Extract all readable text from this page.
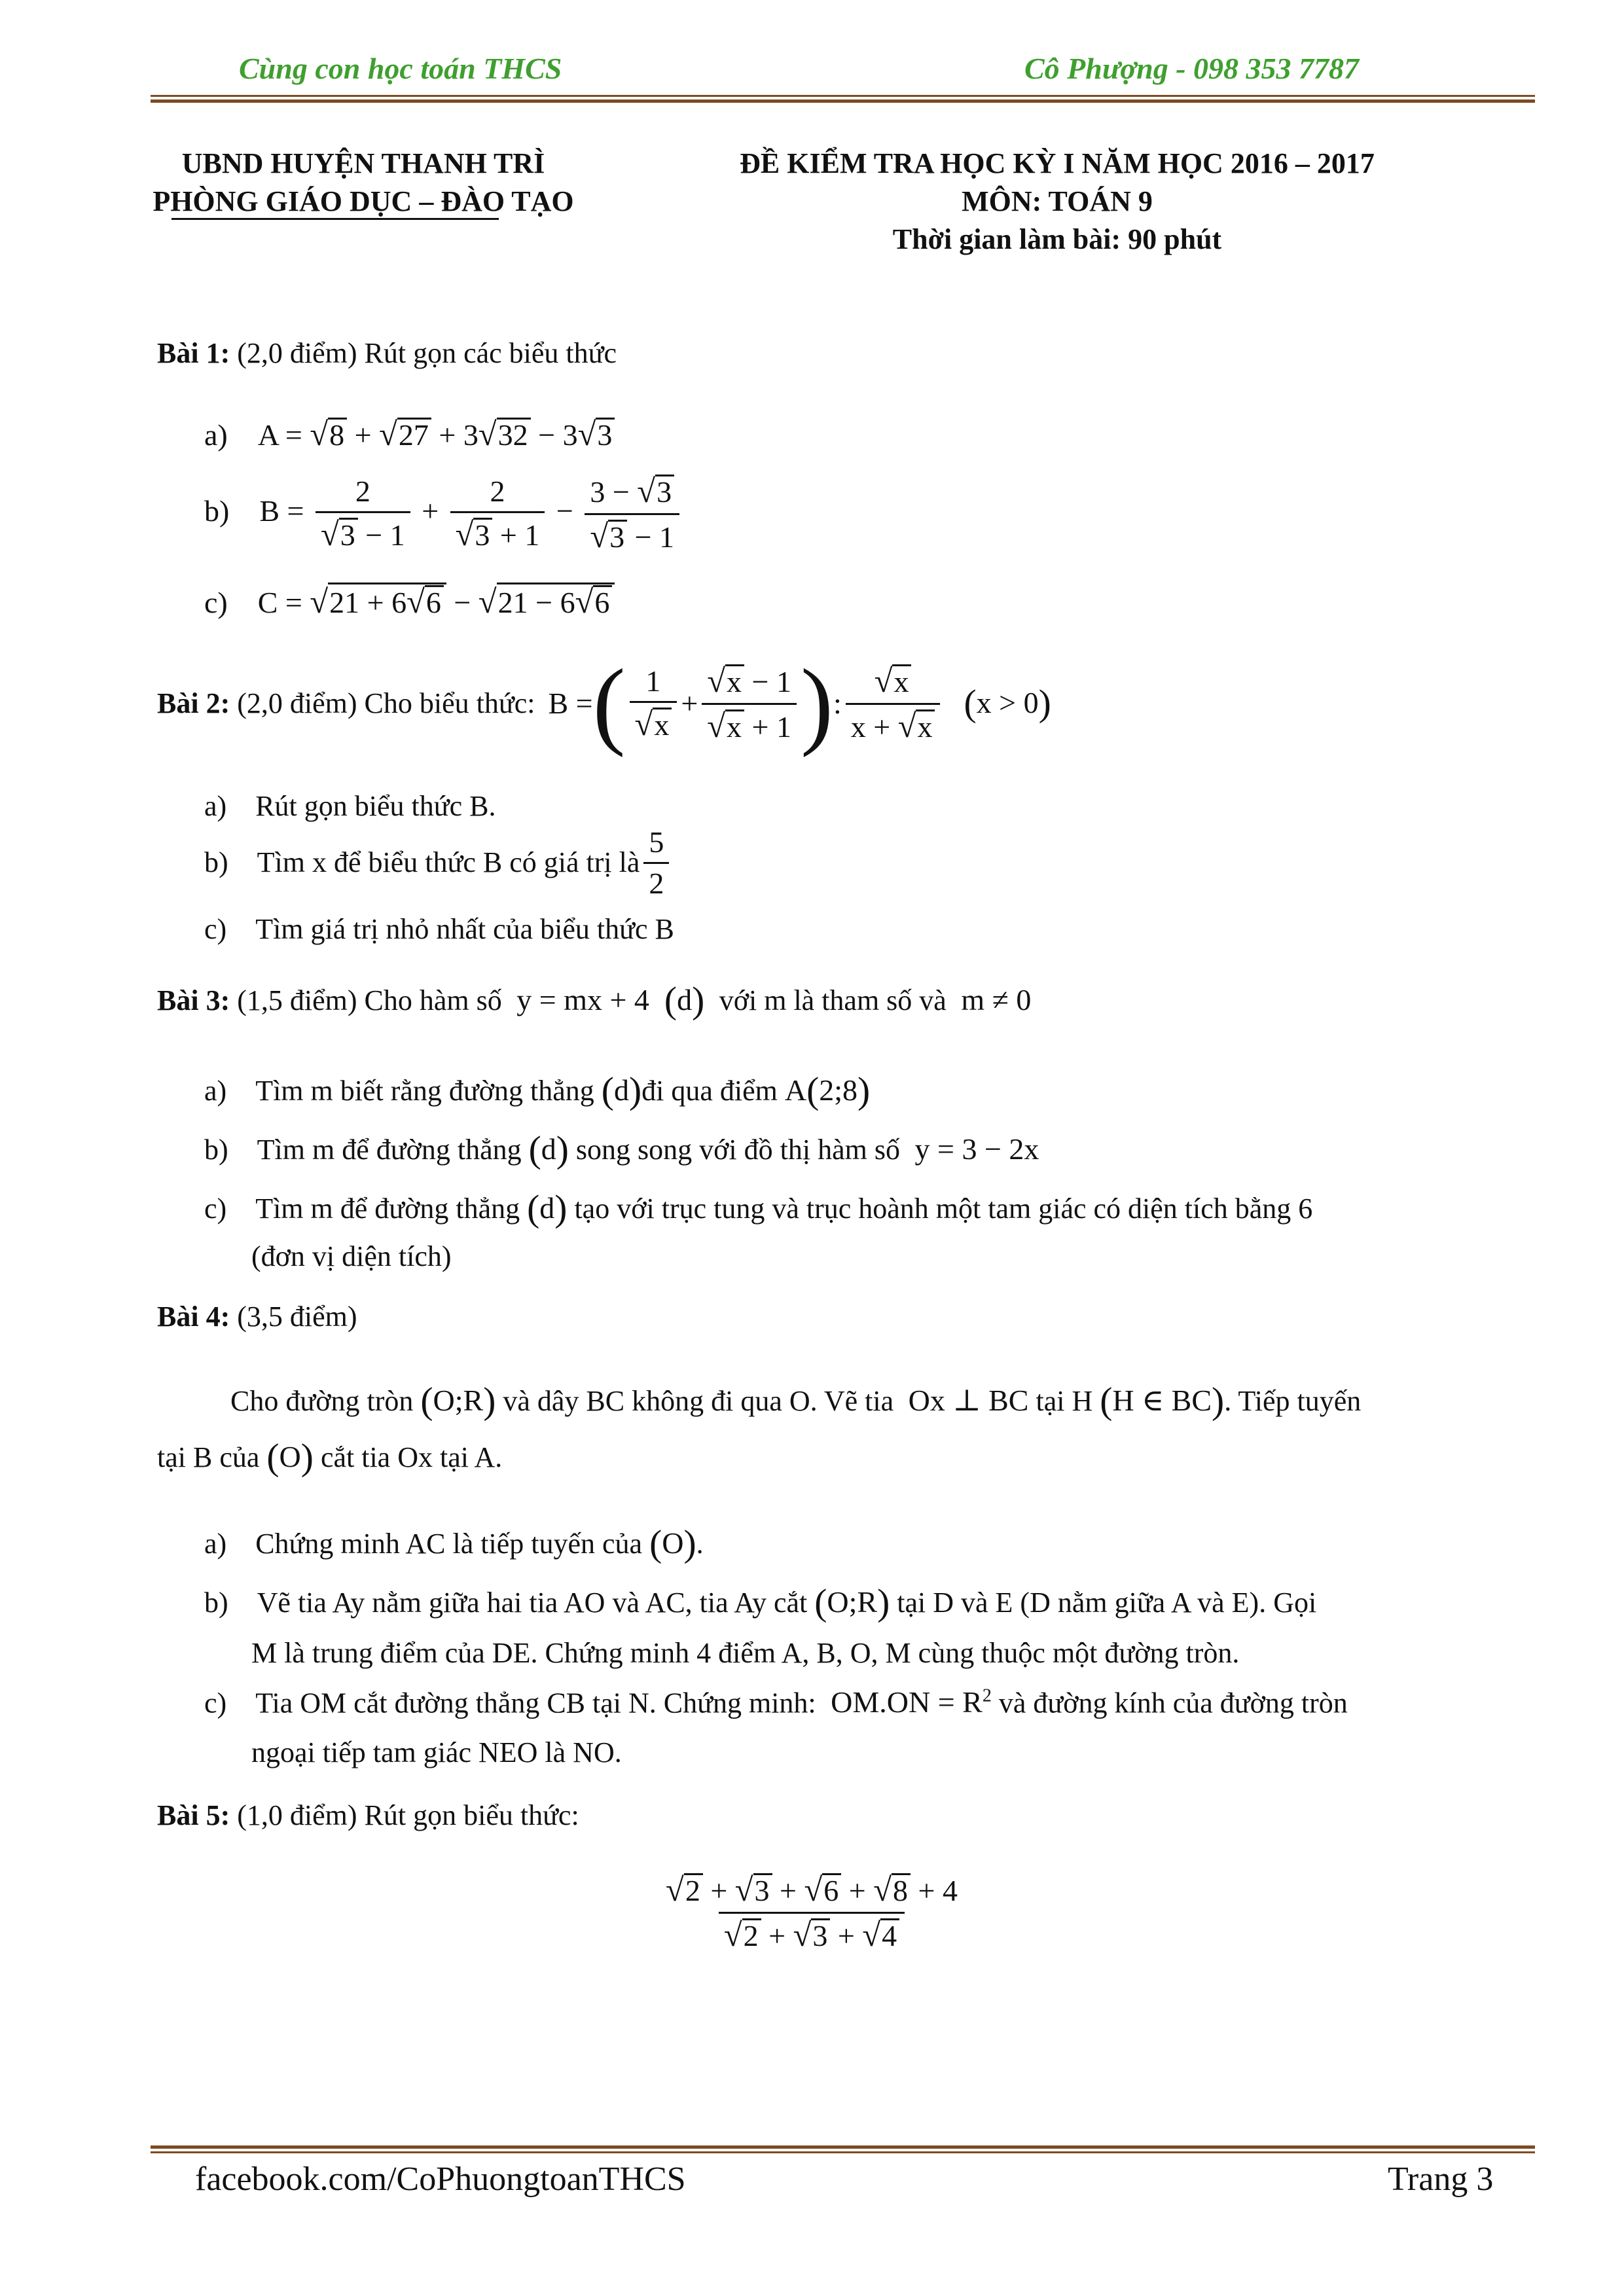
Cùng con học toán THCS	Cô Phượng - 098 353 7787
UBND HUYỆN THANH TRÌ
PHÒNG GIÁO DỤC – ĐÀO TẠO
ĐỀ KIỂM TRA HỌC KỲ I NĂM HỌC 2016 – 2017
MÔN: TOÁN 9
Thời gian làm bài: 90 phút
Bài 1: (2,0 điểm) Rút gọn các biểu thức
a)    A = √8 + √27 + 3√32 − 3√3
b)    $B = \frac{2}{√3 - 1} + \frac{2}{√3 + 1} - \frac{3 - √3}{√3 - 1}$
c)    C = √21 + 6√6 − √21 − 6√6
Bài 2:
(2,0 điểm) Cho biểu thức: B = ( $\frac{1}{√x} + \frac{√x - 1}{√x + 1}$ ) : $\frac{√x}{x + √x} (x > 0)$
a)    Rút gọn biểu thức B.
b) Tìm x để biểu thức B có giá trị là $\frac{5}{2}$
c)    Tìm giá trị nhỏ nhất của biểu thức B
Bài 3: (1,5 điểm) Cho hàm số  y = mx + 4  (d) với m là tham số và  m ≠ 0
a)    Tìm m biết rằng đường thẳng (d)đi qua điểm A(2;8)
b)    Tìm m để đường thẳng (d) song song với đồ thị hàm số  y = 3 − 2x
c)    Tìm m để đường thẳng (d) tạo với trục tung và trục hoành một tam giác có diện tích bằng 6
(đơn vị diện tích)
Bài 4: (3,5 điểm)
Cho đường tròn (O;R) và dây BC không đi qua O. Vẽ tia  Ox ⊥ BC tại H (H ∈ BC). Tiếp tuyến
tại B của (O) cắt tia Ox tại A.
a)    Chứng minh AC là tiếp tuyến của (O).
b)    Vẽ tia Ay nằm giữa hai tia AO và AC, tia Ay cắt (O;R) tại D và E (D nằm giữa A và E). Gọi
M là trung điểm của DE. Chứng minh 4 điểm A, B, O, M cùng thuộc một đường tròn.
c)    Tia OM cắt đường thẳng CB tại N. Chứng minh:  $OM.ON = R^2$ và đường kính của đường tròn
ngoại tiếp tam giác NEO là NO.
Bài 5: (1,0 điểm) Rút gọn biểu thức:
$\frac{√2 + √3 + √6 + √8 + 4}{√2 + √3 + √4}$
facebook.com/CoPhuongtoanTHCS	Trang 3
